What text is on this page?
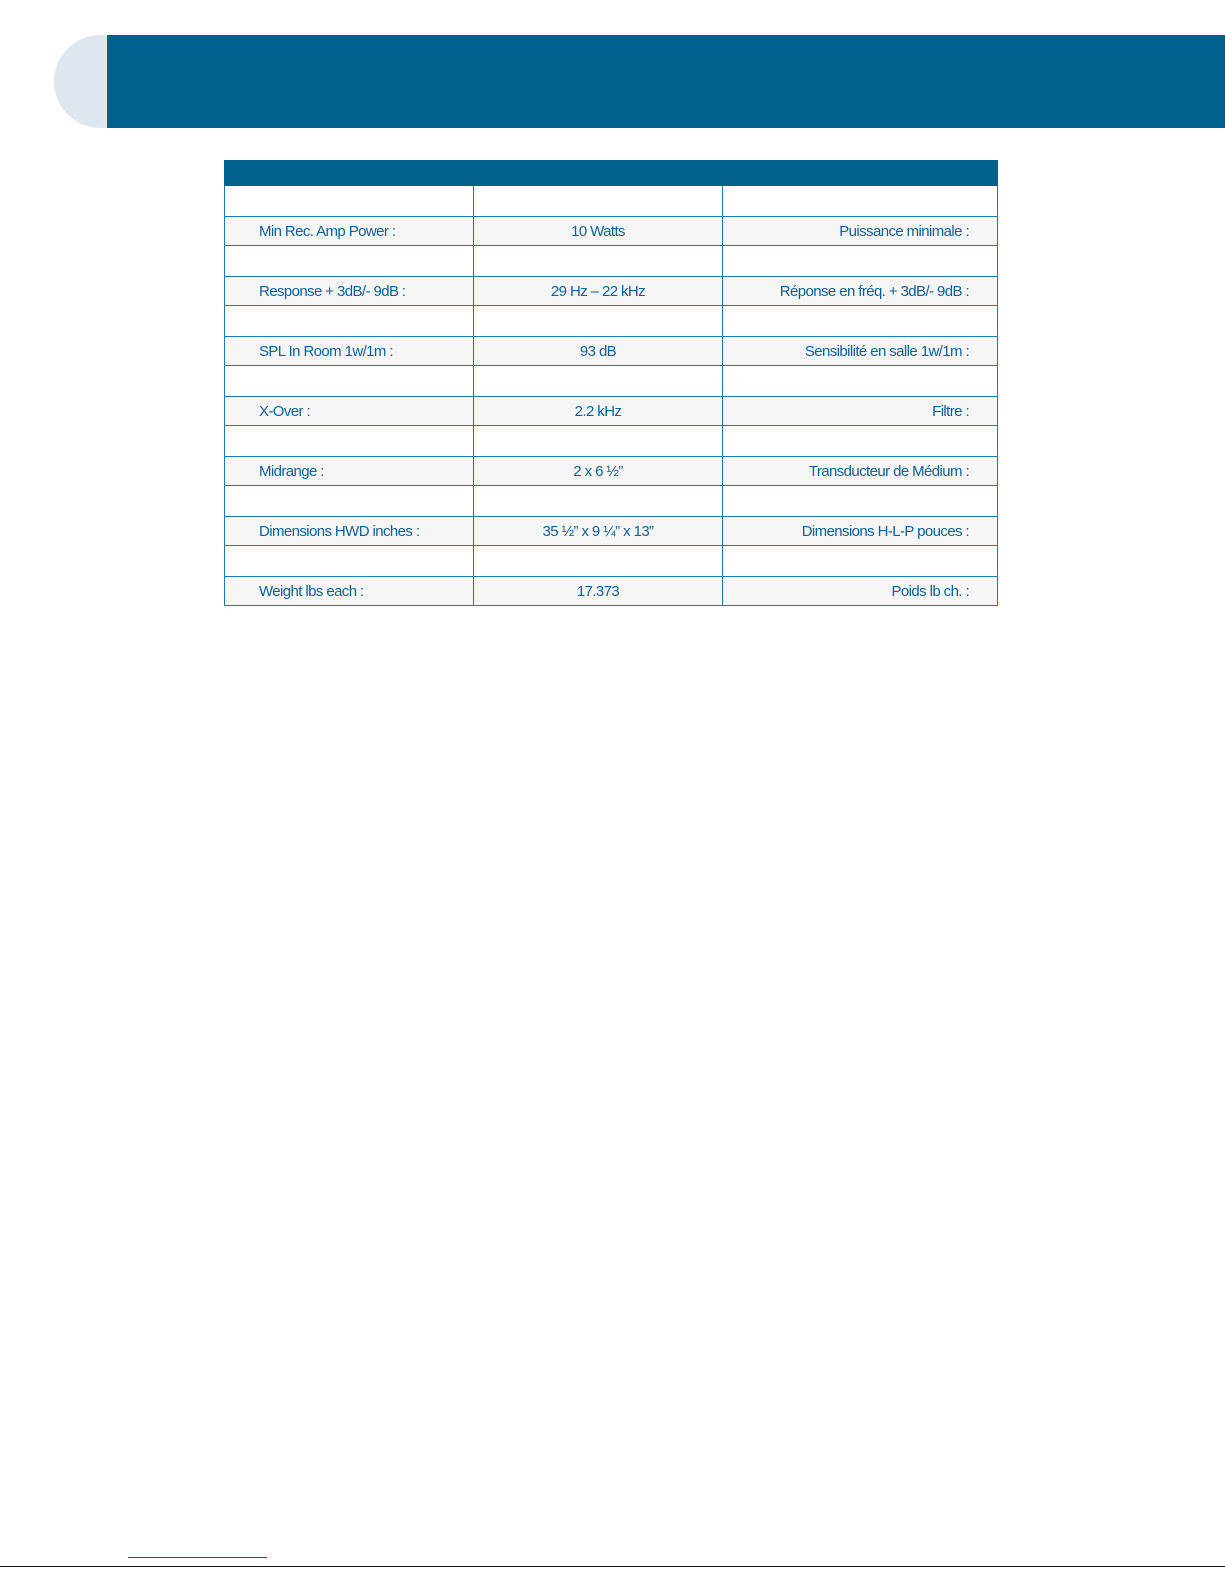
Min Rec. Amp Power :	10 Watts	Puissance minimale :

Response + 3dB/- 9dB :	29 Hz – 22 kHz	Réponse en fréq. + 3dB/- 9dB :

SPL In Room 1w/1m :	93 dB	Sensibilité en salle 1w/1m :

X-Over :	2.2 kHz	Filtre :

Midrange :	2 x 6 ½”	Transducteur de Médium :

Dimensions HWD inches :	35 ½” x 9 ¼” x 13”	Dimensions H-L-P pouces :

Weight lbs each :	17.373	Poids lb ch. :
